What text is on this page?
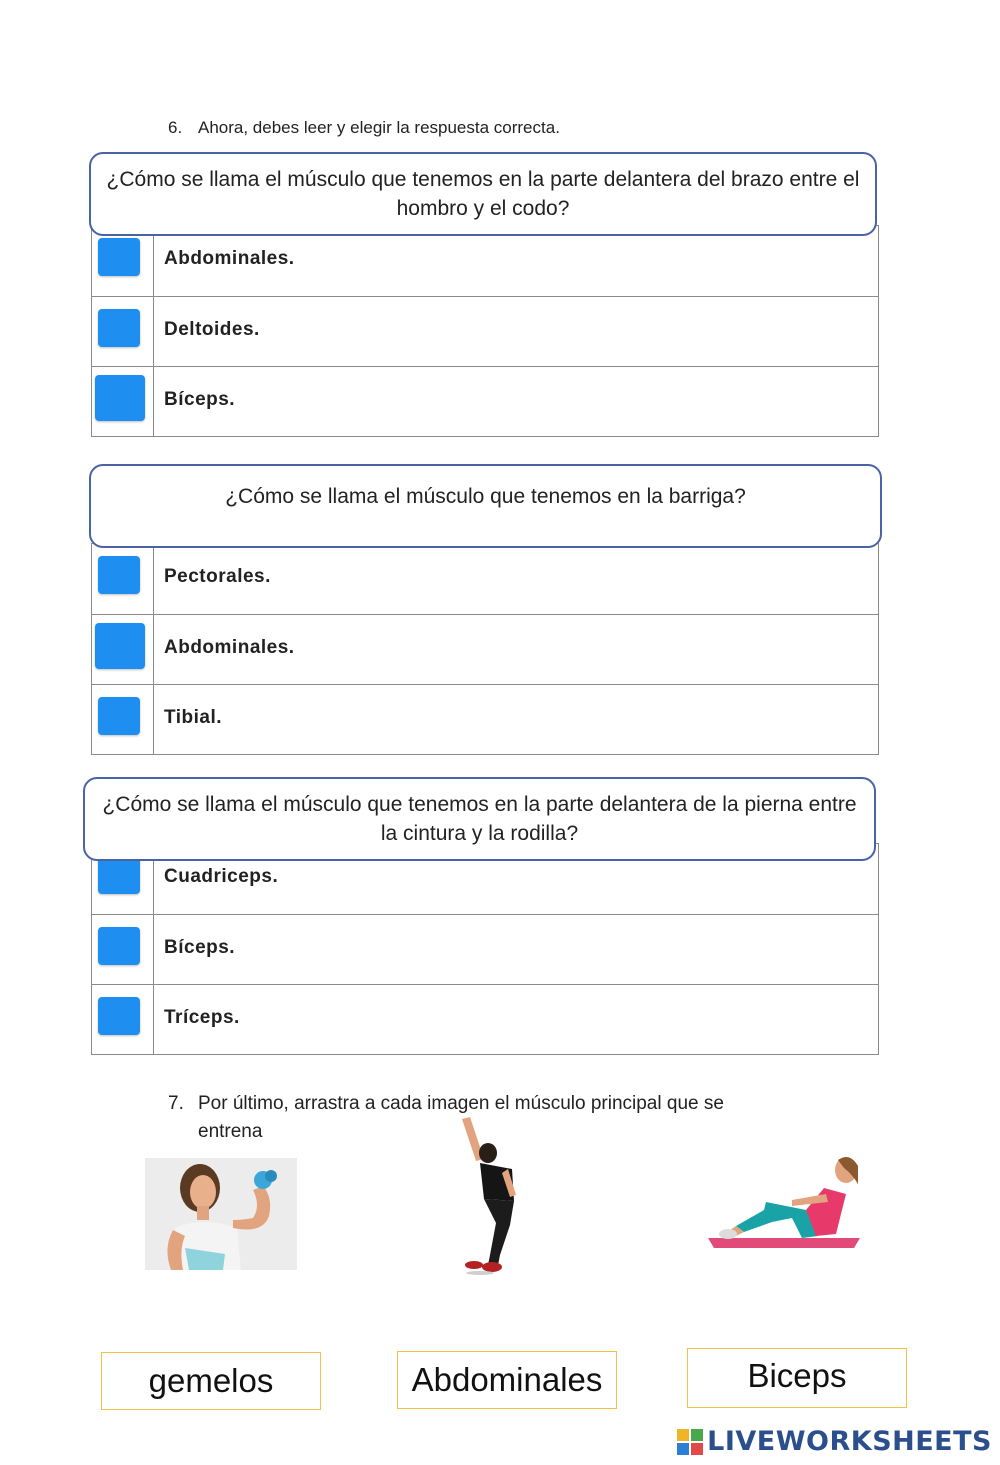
6. Ahora, debes leer y elegir la respuesta correcta.
Abdominales.
Deltoides.
Bíceps.
¿Cómo se llama el músculo que tenemos en la parte delantera del brazo entre el hombro y el codo?
Pectorales.
Abdominales.
Tibial.
¿Cómo se llama el músculo que tenemos en la barriga?
Cuadriceps.
Bíceps.
Tríceps.
¿Cómo se llama el músculo que tenemos en la parte delantera de la pierna entre la cintura y la rodilla?
7. Por último, arrastra a cada imagen el músculo principal que se
entrena
gemelos	Abdominales	Biceps
LIVEWORKSHEETS
